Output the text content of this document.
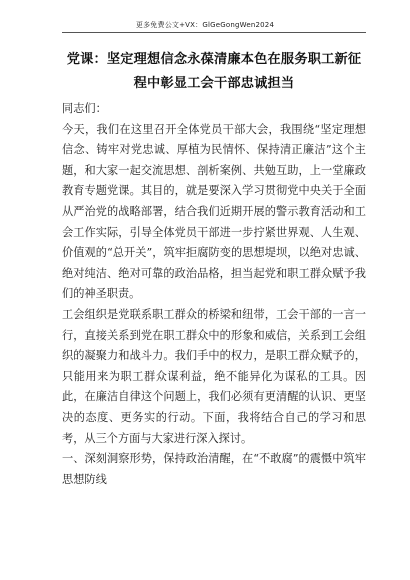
更多免费公文+VX：GlGeGongWen2024
党课：坚定理想信念永葆清廉本色在服务职工新征程中彰显工会干部忠诚担当

同志们：

今天，我们在这里召开全体党员干部大会，我围绕“坚定理想信念、铸牢对党忠诚、厚植为民情怀、保持清正廉洁”这个主题，和大家一起交流思想、剖析案例、共勉互助，上一堂廉政教育专题党课。其目的，就是要深入学习贯彻党中央关于全面从严治党的战略部署，结合我们近期开展的警示教育活动和工会工作实际，引导全体党员干部进一步拧紧世界观、人生观、价值观的“总开关”，筑牢拒腐防变的思想堤坝，以绝对忠诚、绝对纯洁、绝对可靠的政治品格，担当起党和职工群众赋予我们的神圣职责。

工会组织是党联系职工群众的桥梁和纽带，工会干部的一言一行，直接关系到党在职工群众中的形象和威信，关系到工会组织的凝聚力和战斗力。我们手中的权力，是职工群众赋予的，只能用来为职工群众谋利益，绝不能异化为谋私的工具。因此，在廉洁自律这个问题上，我们必须有更清醒的认识、更坚决的态度、更务实的行动。下面，我将结合自己的学习和思考，从三个方面与大家进行深入探讨。

一、深刻洞察形势，保持政治清醒，在“不敢腐”的震慑中筑牢思想防线
